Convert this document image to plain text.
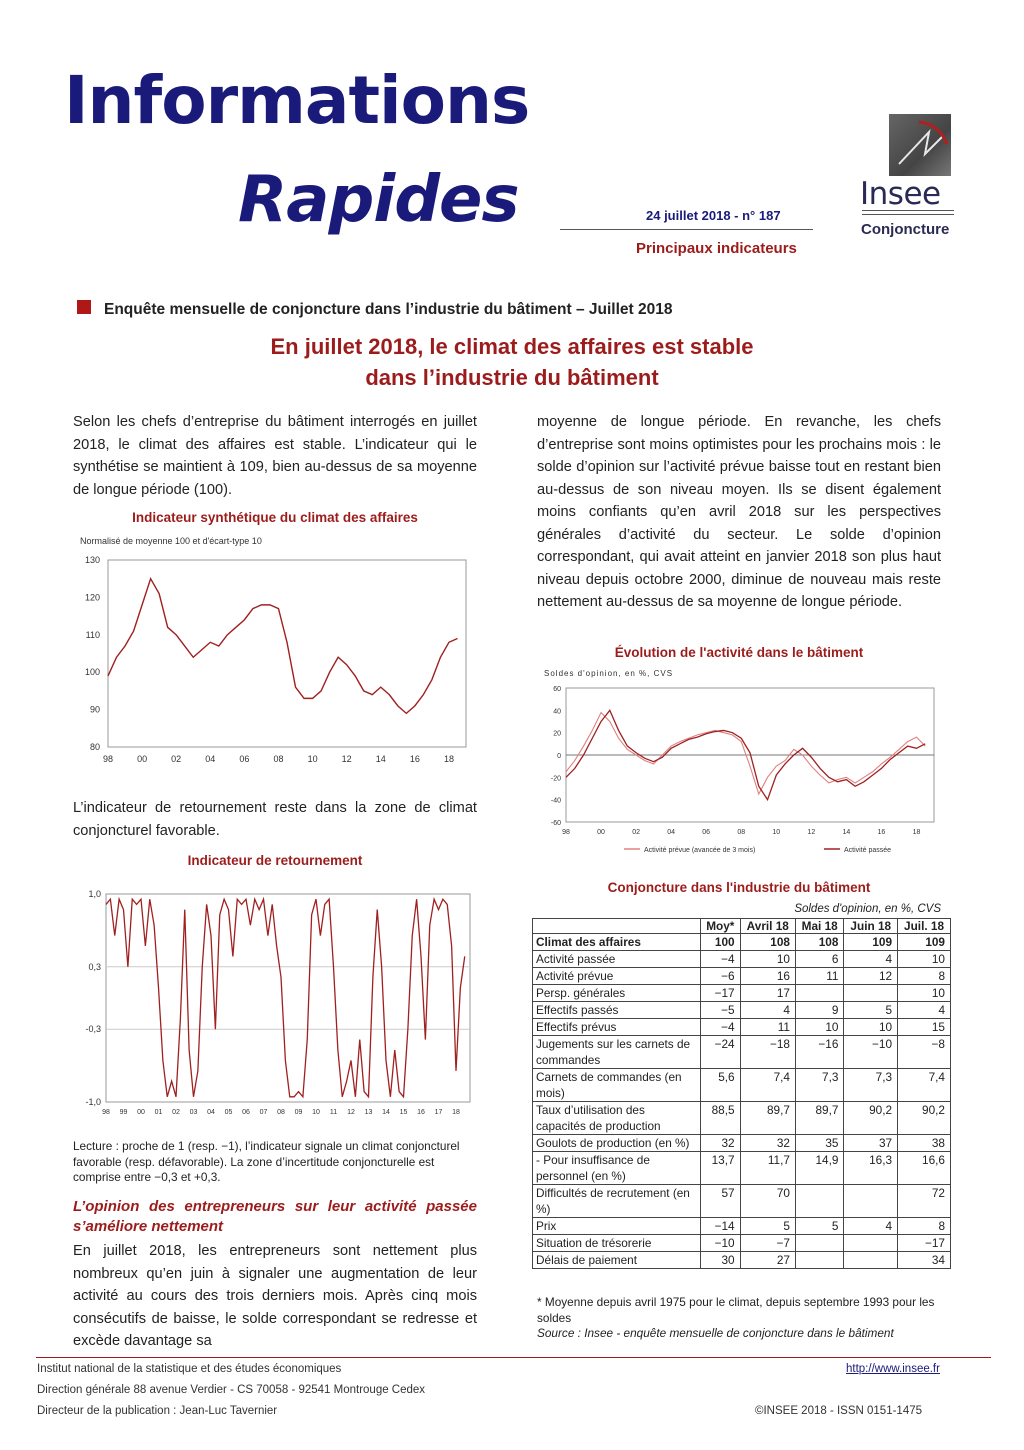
Informations
Rapides	24 juillet 2018 - n° 187
Principaux indicateurs
Insee
Conjoncture
Enquête mensuelle de conjoncture dans l’industrie du bâtiment – Juillet 2018
En juillet 2018, le climat des affaires est stable
dans l’industrie du bâtiment
Selon les chefs d’entreprise du bâtiment interrogés en juillet 2018, le climat des affaires est stable. L’indicateur qui le synthétise se maintient à 109, bien au-dessus de sa moyenne de longue période (100).
Indicateur synthétique du climat des affaires
Normalisé de moyenne 100 et d'écart-type 10
80
90
100
110
120
130
98	00	02	04	06	08	10	12	14	16	18
L’indicateur de retournement reste dans la zone de climat conjoncturel favorable.
Indicateur de retournement
-1,0
-0,3
0,3
1,0
98 99 00 01 02 03 04 05 06 07 08 09 10 11 12 13 14 15 16 17 18
Lecture : proche de 1 (resp. −1), l’indicateur signale un climat conjoncturel favorable (resp. défavorable). La zone d’incertitude conjoncturelle est comprise entre −0,3 et +0,3.
L’opinion des entrepreneurs sur leur activité passée s’améliore nettement
En juillet 2018, les entrepreneurs sont nettement plus nombreux qu’en juin à signaler une augmentation de leur activité au cours des trois derniers mois. Après cinq mois consécutifs de baisse, le solde correspondant se redresse et excède davantage sa
moyenne de longue période. En revanche, les chefs d’entreprise sont moins optimistes pour les prochains mois : le solde d’opinion sur l’activité prévue baisse tout en restant bien au-dessus de son niveau moyen. Ils se disent également moins confiants qu’en avril 2018 sur les perspectives générales d’activité du secteur. Le solde d’opinion correspondant, qui avait atteint en janvier 2018 son plus haut niveau depuis octobre 2000, diminue de nouveau mais reste nettement au-dessus de sa moyenne de longue période.
Évolution de l'activité dans le bâtiment
Soldes d'opinion, en %, CVS
-60
-40
-20
0
20
40
60
98	00	02	04	06	08	10	12	14	16	18
Activité prévue (avancée de 3 mois)	Activité passée
Conjoncture dans l'industrie du bâtiment
Soldes d'opinion, en %, CVS
	Moy*	Avril 18	Mai 18	Juin 18	Juil. 18
Climat des affaires	100	108	108	109	109
Activité passée	−4	10	6	4	10
Activité prévue	−6	16	11	12	8
Persp. générales	−17	17			10
Effectifs passés	−5	4	9	5	4
Effectifs prévus	−4	11	10	10	15
Jugements sur les carnets de commandes	−24	−18	−16	−10	−8
Carnets de commandes (en mois)	5,6	7,4	7,3	7,3	7,4
Taux d’utilisation des capacités de production	88,5	89,7	89,7	90,2	90,2
Goulots de production (en %)	32	32	35	37	38
- Pour insuffisance de personnel (en %)	13,7	11,7	14,9	16,3	16,6
Difficultés de recrutement (en %)	57	70			72
Prix	−14	5	5	4	8
Situation de trésorerie	−10	−7			−17
Délais de paiement	30	27			34
* Moyenne depuis avril 1975 pour le climat, depuis septembre 1993 pour les soldes
Source : Insee - enquête mensuelle de conjoncture dans le bâtiment
Institut national de la statistique et des études économiques
Direction générale 88 avenue Verdier - CS 70058 - 92541 Montrouge Cedex
Directeur de la publication : Jean-Luc Tavernier
http://www.insee.fr
©INSEE 2018 - ISSN 0151-1475
